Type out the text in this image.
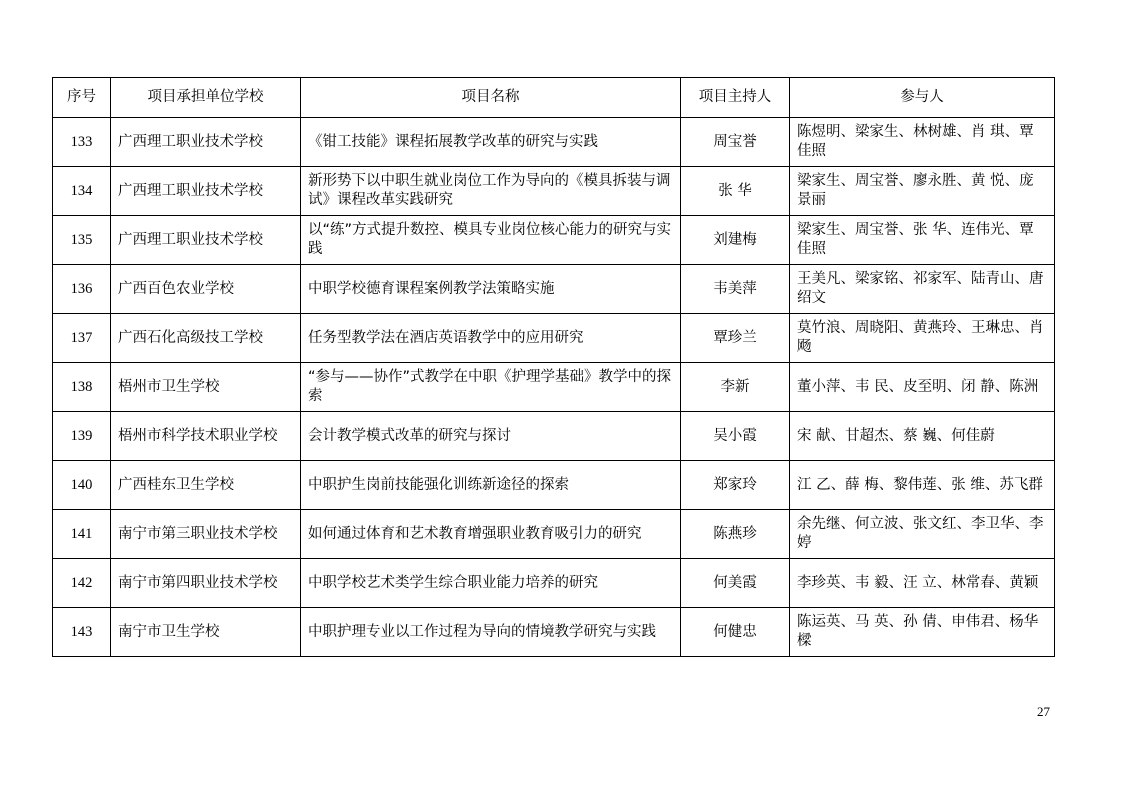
序号	项目承担单位学校	项目名称	项目主持人	参与人
133	广西理工职业技术学校	《钳工技能》课程拓展教学改革的研究与实践	周宝誉	陈煜明、梁家生、林树雄、肖 琪、覃佳照
134	广西理工职业技术学校	新形势下以中职生就业岗位工作为导向的《模具拆装与调试》课程改革实践研究	张 华	梁家生、周宝誉、廖永胜、黄 悦、庞景丽
135	广西理工职业技术学校	以“练”方式提升数控、模具专业岗位核心能力的研究与实践	刘建梅	梁家生、周宝誉、张 华、连伟光、覃佳照
136	广西百色农业学校	中职学校德育课程案例教学法策略实施	韦美萍	王美凡、梁家铭、祁家军、陆青山、唐绍文
137	广西石化高级技工学校	任务型教学法在酒店英语教学中的应用研究	覃珍兰	莫竹浪、周晓阳、黄燕玲、王琳忠、肖 飏
138	梧州市卫生学校	“参与——协作”式教学在中职《护理学基础》教学中的探索	李新	董小萍、韦 民、皮至明、闭 静、陈洲
139	梧州市科学技术职业学校	会计教学模式改革的研究与探讨	吴小霞	宋 献、甘超杰、蔡 巍、何佳蔚
140	广西桂东卫生学校	中职护生岗前技能强化训练新途径的探索	郑家玲	江 乙、薛 梅、黎伟莲、张 维、苏飞群
141	南宁市第三职业技术学校	如何通过体育和艺术教育增强职业教育吸引力的研究	陈燕珍	余先继、何立波、张文红、李卫华、李 婷
142	南宁市第四职业技术学校	中职学校艺术类学生综合职业能力培养的研究	何美霞	李珍英、韦 毅、汪 立、林常春、黄颖
143	南宁市卫生学校	中职护理专业以工作过程为导向的情境教学研究与实践	何健忠	陈运英、马 英、孙 倩、申伟君、杨华樑
27
